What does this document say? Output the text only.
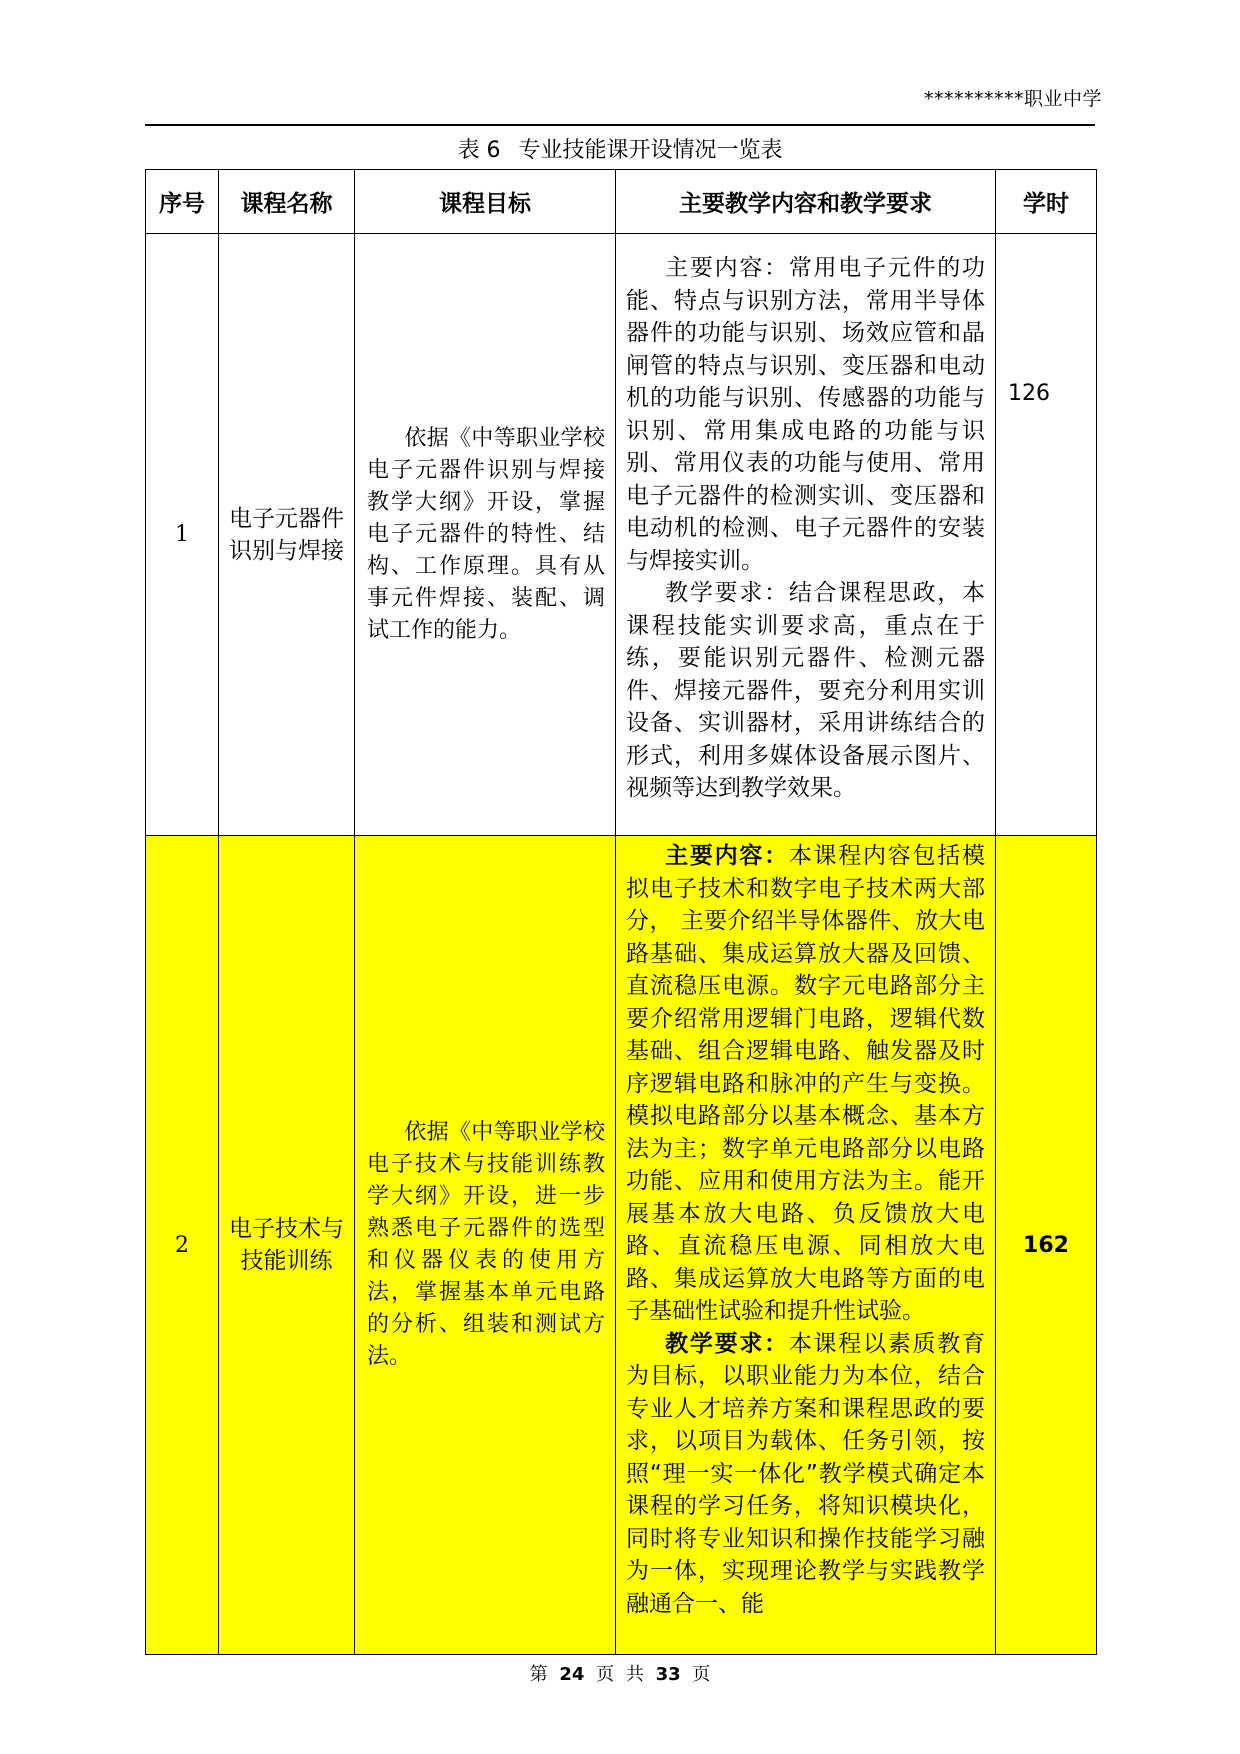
**********职业中学
表 6 专业技能课开设情况一览表
序号	课程名称	课程目标	主要教学内容和教学要求	学时
1	电子元器件识别与焊接	依据《中等职业学校电子元器件识别与焊接教学大纲》开设，掌握电子元器件的特性、结构、工作原理。具有从事元件焊接、装配、调试工作的能力。	主要内容：常用电子元件的功能、特点与识别方法，常用半导体器件的功能与识别、场效应管和晶闸管的特点与识别、变压器和电动机的功能与识别、传感器的功能与识别、常用集成电路的功能与识别、常用仪表的功能与使用、常用电子元器件的检测实训、变压器和电动机的检测、电子元器件的安装与焊接实训。

教学要求：结合课程思政，本课程技能实训要求高，重点在于练，要能识别元器件、检测元器件、焊接元器件，要充分利用实训设备、实训器材，采用讲练结合的形式，利用多媒体设备展示图片、视频等达到教学效果。	126

2	电子技术与技能训练	依据《中等职业学校电子技术与技能训练教学大纲》开设，进一步熟悉电子元器件的选型和仪器仪表的使用方法，掌握基本单元电路的分析、组装和测试方法。	主要内容：本课程内容包括模拟电子技术和数字电子技术两大部分， 主要介绍半导体器件、放大电路基础、集成运算放大器及回馈、直流稳压电源。数字元电路部分主要介绍常用逻辑门电路，逻辑代数基础、组合逻辑电路、触发器及时序逻辑电路和脉冲的产生与变换。模拟电路部分以基本概念、基本方法为主；数字单元电路部分以电路功能、应用和使用方法为主。能开展基本放大电路、负反馈放大电路、直流稳压电源、同相放大电路、集成运算放大电路等方面的电子基础性试验和提升性试验。

教学要求：本课程以素质教育为目标，以职业能力为本位，结合专业人才培养方案和课程思政的要求，以项目为载体、任务引领，按照“理一实一体化”教学模式确定本课程的学习任务，将知识模块化，同时将专业知识和操作技能学习融为一体，实现理论教学与实践教学融通合一、能	162
第 24 页 共 33 页
